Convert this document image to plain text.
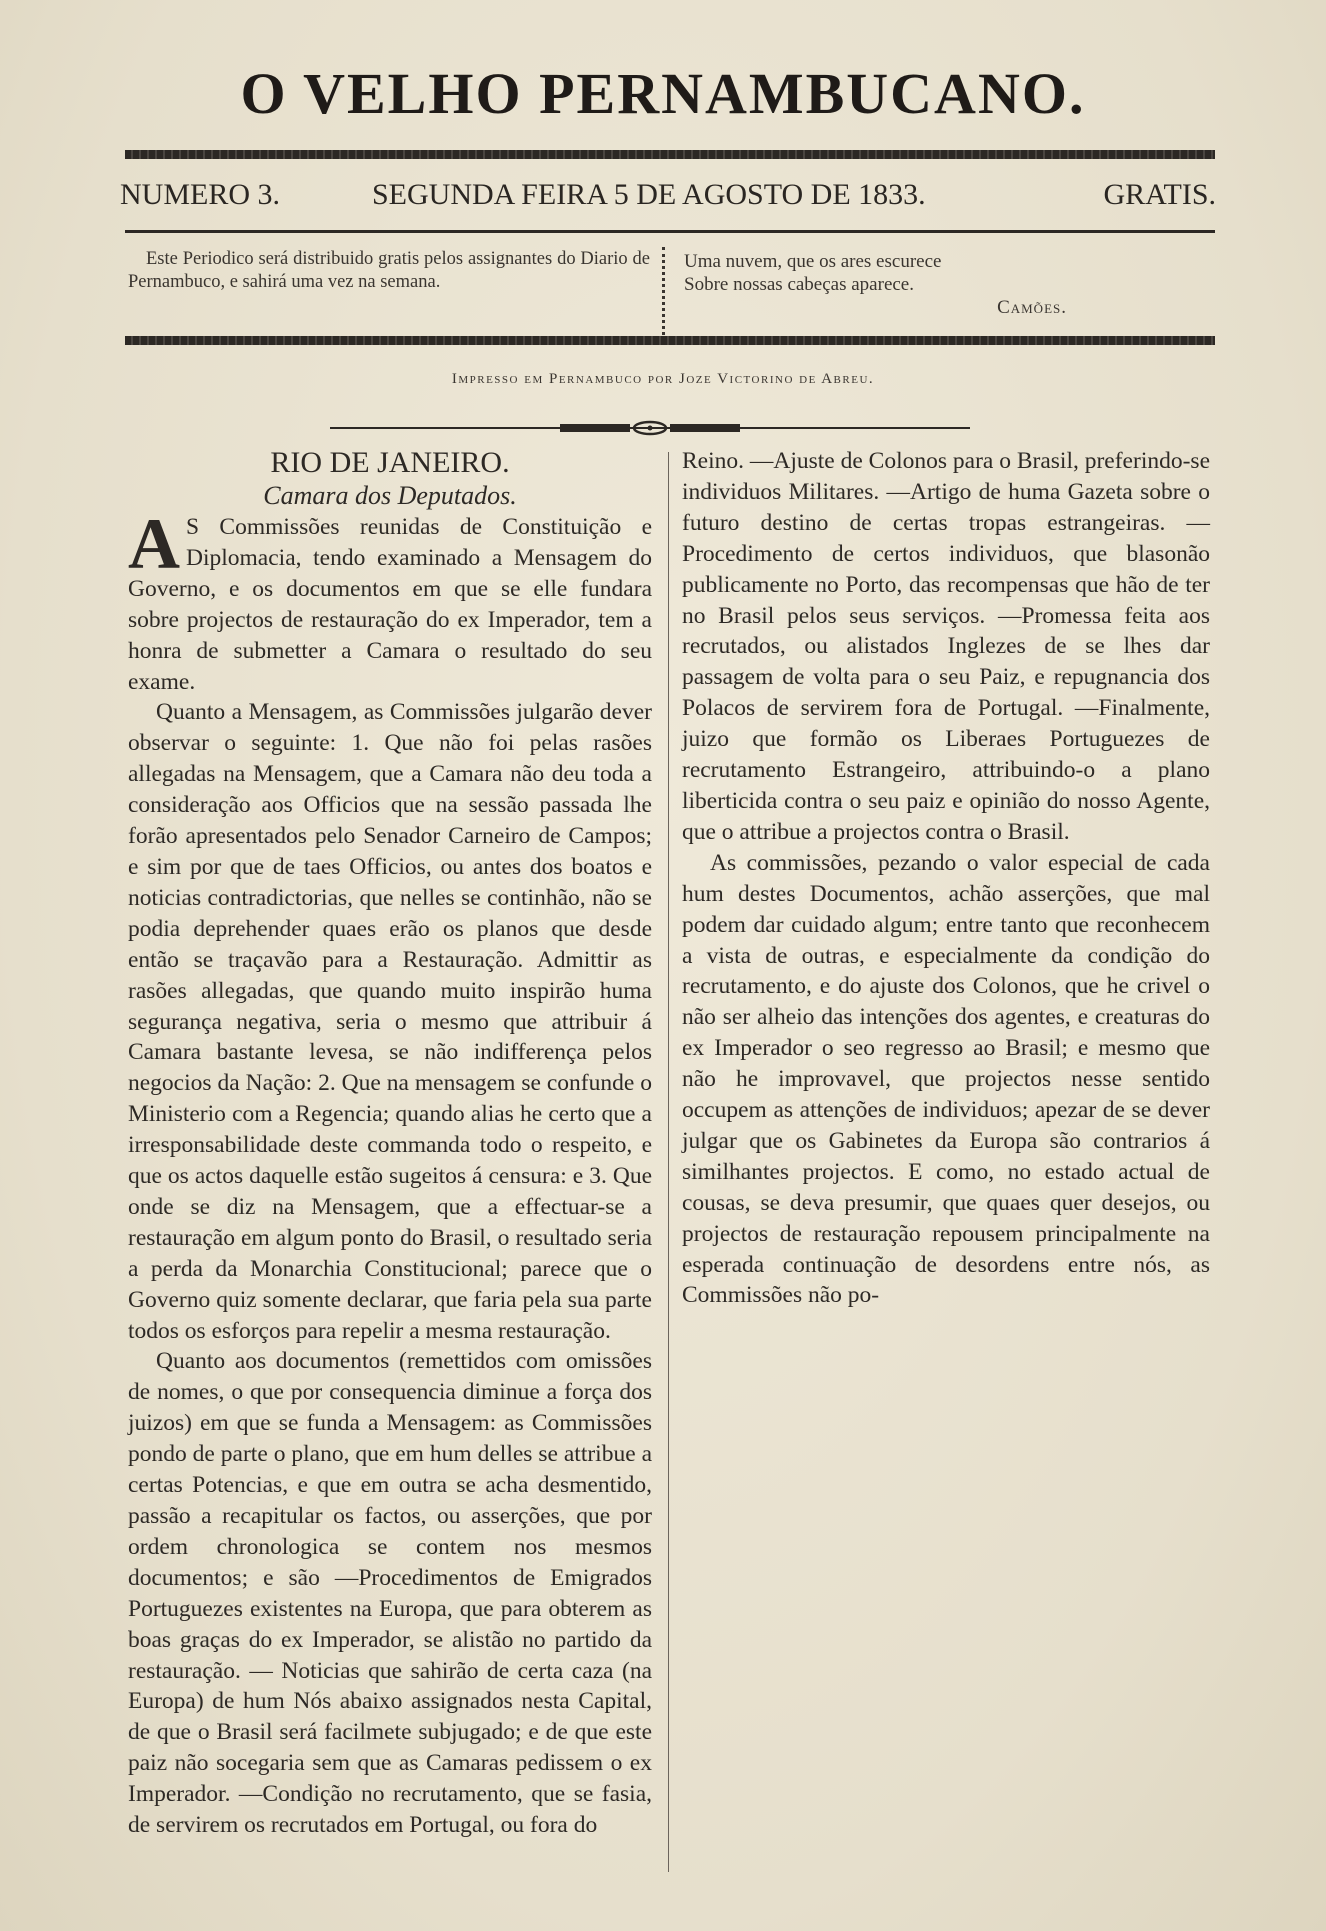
O VELHO PERNAMBUCANO.
NUMERO 3.	SEGUNDA FEIRA 5 DE AGOSTO DE 1833.	GRATIS.

Este Periodico será distribuido gratis pelos assignantes do Diario de Pernambuco, e sahirá uma vez na semana.

Uma nuvem, que os ares escurece

Sobre nossas cabeças aparece.

Camões.

Impresso em Pernambuco por Joze Victorino de Abreu.

RIO DE JANEIRO.

Camara dos Deputados.

A S Commissões reunidas de Constituição e Diplomacia, tendo examinado a Mensagem do Governo, e os documentos em que se elle fundara sobre projectos de restauração do ex Imperador, tem a honra de submetter a Camara o resultado do seu exame.

Quanto a Mensagem, as Commissões julgarão dever observar o seguinte: 1. Que não foi pelas rasões allegadas na Mensagem, que a Camara não deu toda a consideração aos Officios que na sessão passada lhe forão apresentados pelo Senador Carneiro de Campos; e sim por que de taes Officios, ou antes dos boatos e noticias contradictorias, que nelles se continhão, não se podia deprehender quaes erão os planos que desde então se traçavão para a Restauração. Admittir as rasões allegadas, que quando muito inspirão huma segurança negativa, seria o mesmo que attribuir á Camara bastante levesa, se não indifferença pelos negocios da Nação: 2. Que na mensagem se confunde o Ministerio com a Regencia; quando alias he certo que a irresponsabilidade deste commanda todo o respeito, e que os actos daquelle estão sugeitos á censura: e 3. Que onde se diz na Mensagem, que a effectuar-se a restauração em algum ponto do Brasil, o resultado seria a perda da Monarchia Constitucional; parece que o Governo quiz somente declarar, que faria pela sua parte todos os esforços para repelir a mesma restauração.

Quanto aos documentos (remettidos com omissões de nomes, o que por consequencia diminue a força dos juizos) em que se funda a Mensagem: as Commissões pondo de parte o plano, que em hum delles se attribue a certas Potencias, e que em outra se acha desmentido, passão a recapitular os factos, ou asserções, que por ordem chronologica se contem nos mesmos documentos; e são —Procedimentos de Emigrados Portuguezes existentes na Europa, que para obterem as boas graças do ex Imperador, se alistão no partido da restauração. — Noticias que sahirão de certa caza (na Europa) de hum Nós abaixo assignados nesta Capital, de que o Brasil será facilmete subjugado; e de que este paiz não socegaria sem que as Camaras pedissem o ex Imperador. —Condição no recrutamento, que se fasia, de servirem os recrutados em Portugal, ou fora do

Reino. —Ajuste de Colonos para o Brasil, preferindo-se individuos Militares. —Artigo de huma Gazeta sobre o futuro destino de certas tropas estrangeiras. —Procedimento de certos individuos, que blasonão publicamente no Porto, das recompensas que hão de ter no Brasil pelos seus serviços. —Promessa feita aos recrutados, ou alistados Inglezes de se lhes dar passagem de volta para o seu Paiz, e repugnancia dos Polacos de servirem fora de Portugal. —Finalmente, juizo que formão os Liberaes Portuguezes de recrutamento Estrangeiro, attribuindo-o a plano liberticida contra o seu paiz e opinião do nosso Agente, que o attribue a projectos contra o Brasil.

As commissões, pezando o valor especial de cada hum destes Documentos, achão asserções, que mal podem dar cuidado algum; entre tanto que reconhecem a vista de outras, e especialmente da condição do recrutamento, e do ajuste dos Colonos, que he crivel o não ser alheio das intenções dos agentes, e creaturas do ex Imperador o seo regresso ao Brasil; e mesmo que não he improvavel, que projectos nesse sentido occupem as attenções de individuos; apezar de se dever julgar que os Gabinetes da Europa são contrarios á similhantes projectos. E como, no estado actual de cousas, se deva presumir, que quaes quer desejos, ou projectos de restauração repousem principalmente na esperada continuação de desordens entre nós, as Commissões não po-
